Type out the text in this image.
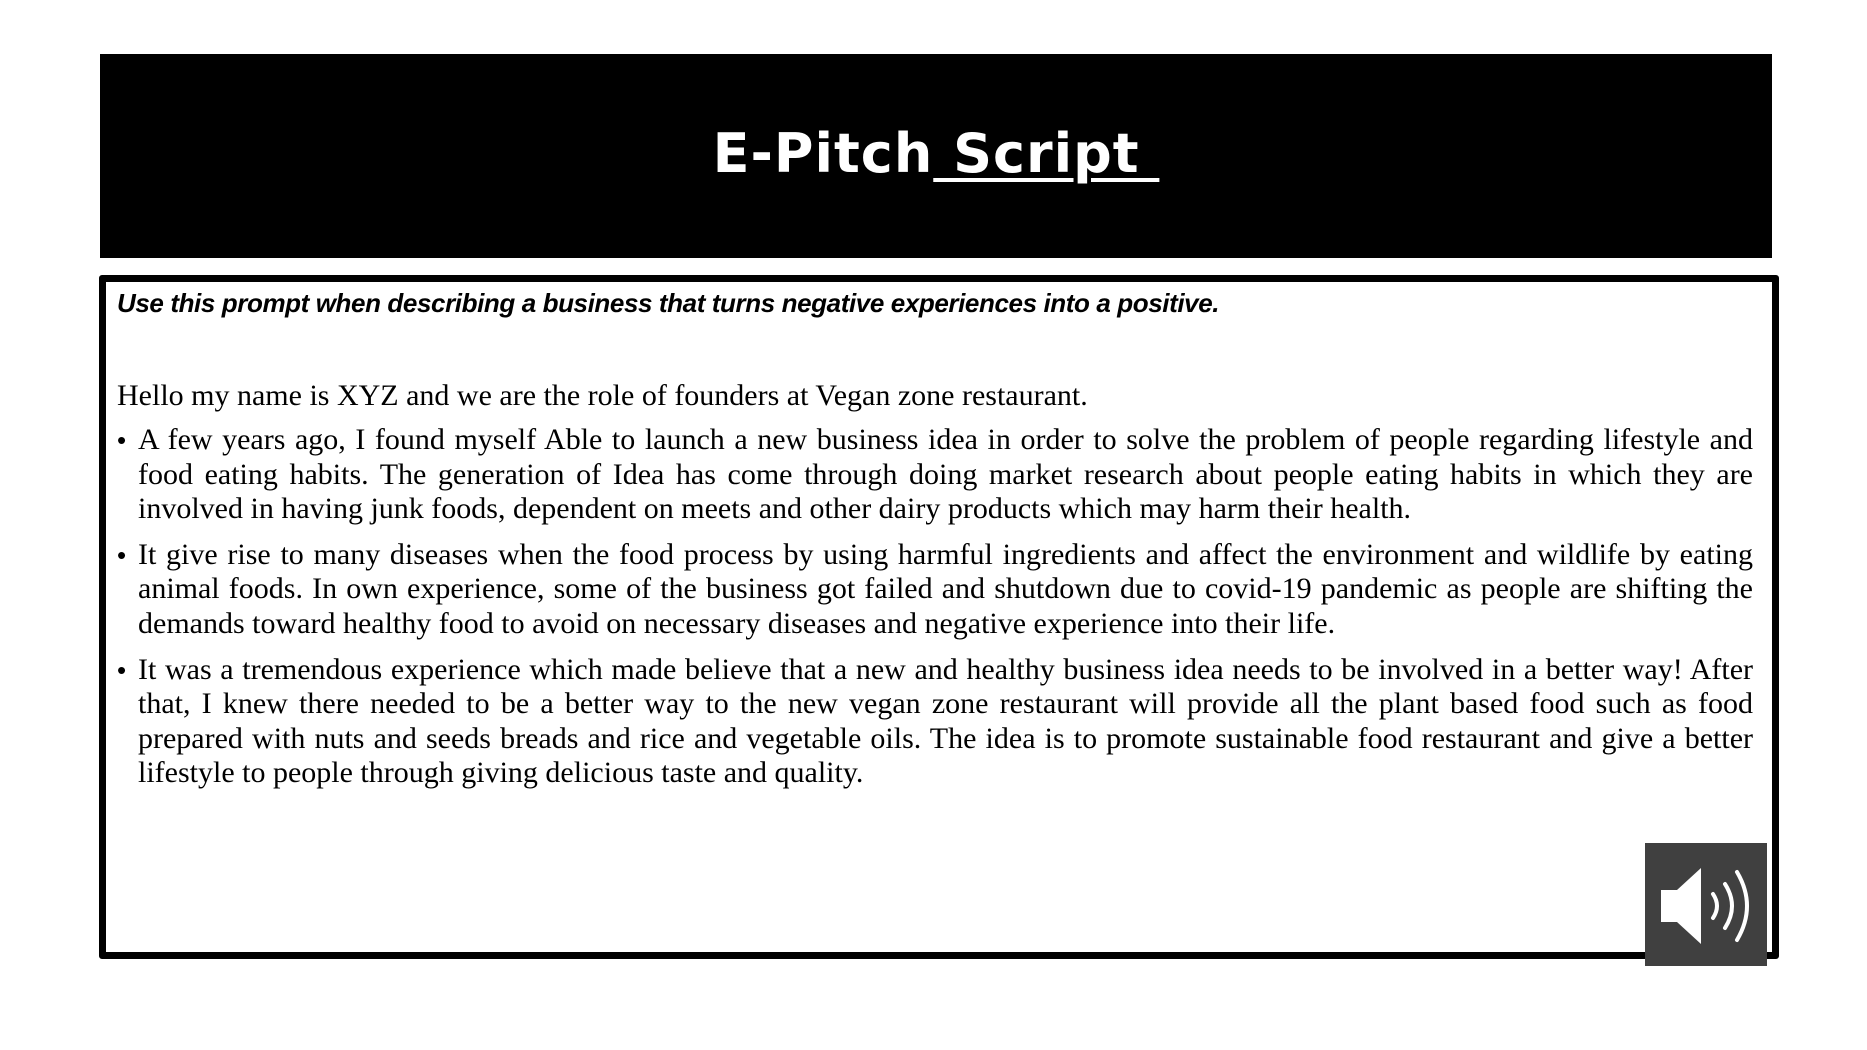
E-Pitch Script

Use this prompt when describing a business that turns negative experiences into a positive.

Hello my name is XYZ and we are the role of founders at Vegan zone restaurant.

• A few years ago, I found myself Able to launch a new business idea in order to solve the problem of people regarding lifestyle and food eating habits. The generation of Idea has come through doing market research about people eating habits in which they are involved in having junk foods, dependent on meets and other dairy products which may harm their health.
• It give rise to many diseases when the food process by using harmful ingredients and affect the environment and wildlife by eating animal foods. In own experience, some of the business got failed and shutdown due to covid-19 pandemic as people are shifting the demands toward healthy food to avoid on necessary diseases and negative experience into their life.
• It was a tremendous experience which made believe that a new and healthy business idea needs to be involved in a better way! After that, I knew there needed to be a better way to the new vegan zone restaurant will provide all the plant based food such as food prepared with nuts and seeds breads and rice and vegetable oils. The idea is to promote sustainable food restaurant and give a better lifestyle to people through giving delicious taste and quality.
